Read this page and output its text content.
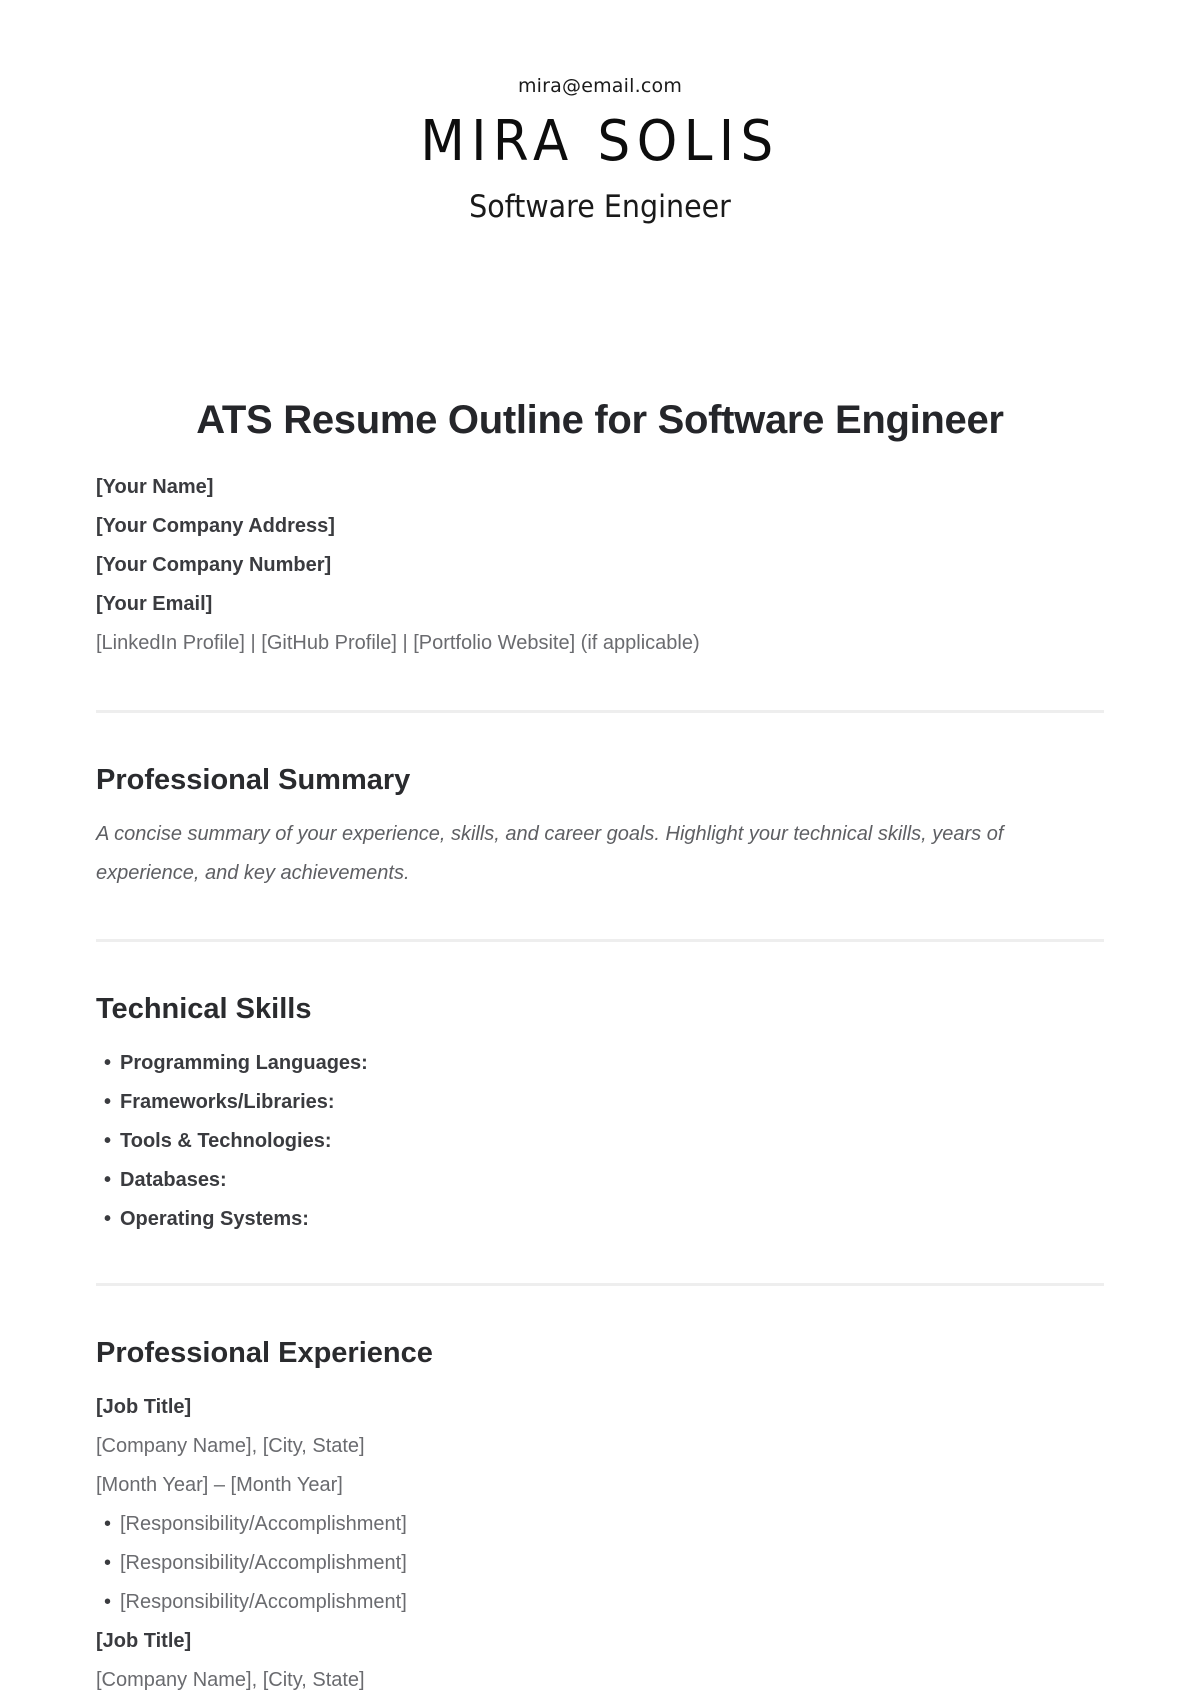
mira@email.com
MIRA SOLIS
Software Engineer
ATS Resume Outline for Software Engineer
[Your Name]
[Your Company Address]
[Your Company Number]
[Your Email]
[LinkedIn Profile] | [GitHub Profile] | [Portfolio Website] (if applicable)
Professional Summary
A concise summary of your experience, skills, and career goals. Highlight your technical skills, years of experience, and key achievements.
Technical Skills
• Programming Languages:
• Frameworks/Libraries:
• Tools & Technologies:
• Databases:
• Operating Systems:
Professional Experience
[Job Title]
[Company Name], [City, State]
[Month Year] – [Month Year]
• [Responsibility/Accomplishment]
• [Responsibility/Accomplishment]
• [Responsibility/Accomplishment]
[Job Title]
[Company Name], [City, State]
